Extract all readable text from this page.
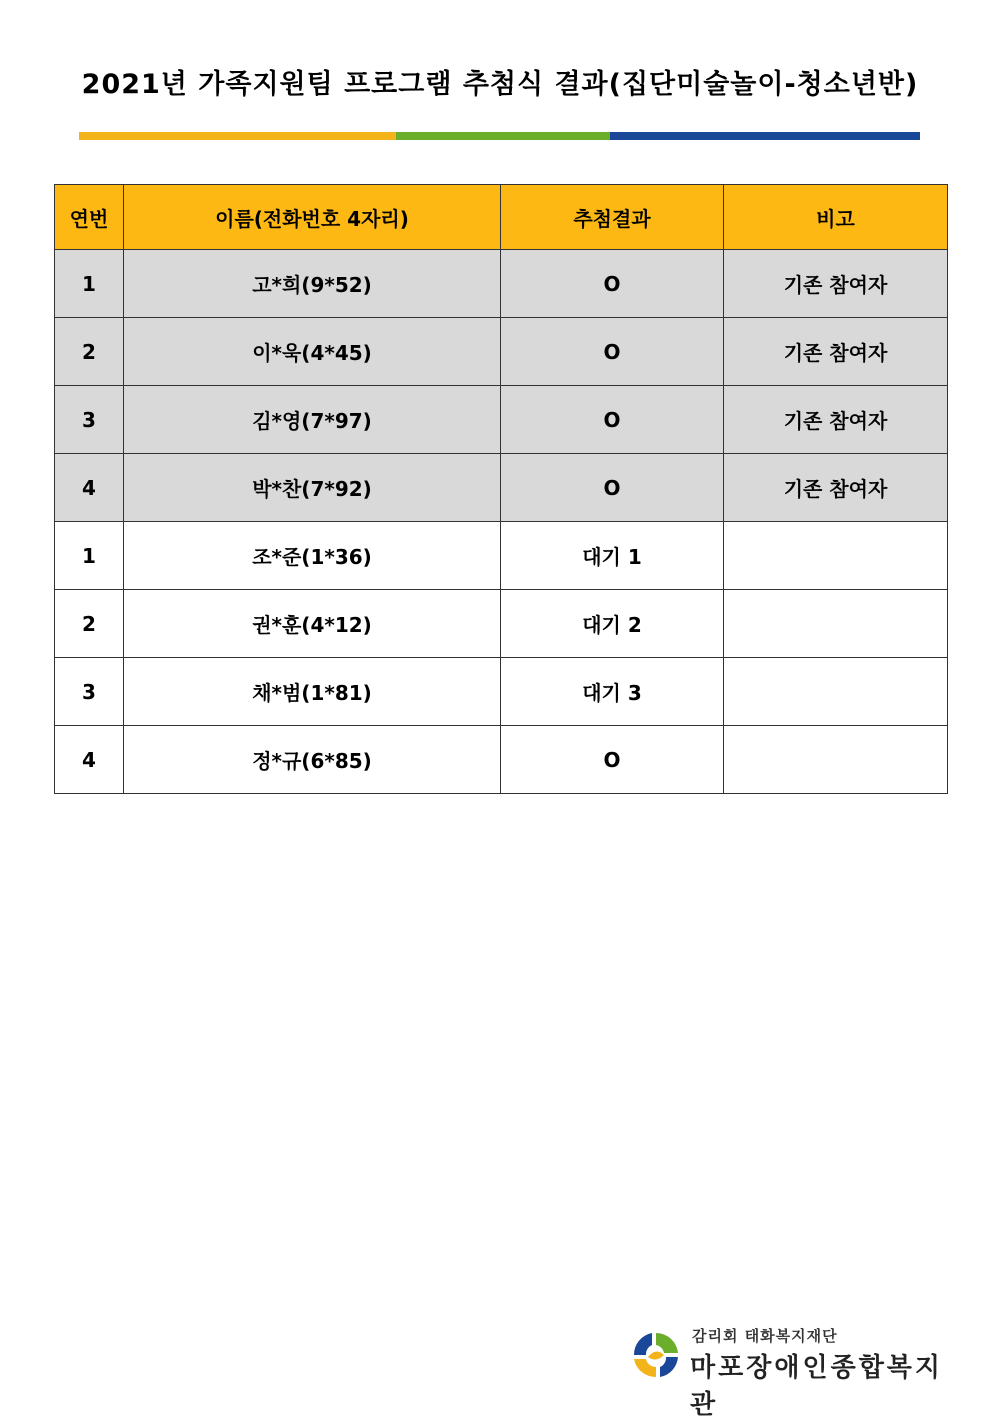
2021년 가족지원팀 프로그램 추첨식 결과(집단미술놀이-청소년반)
연번	이름(전화번호 4자리)	추첨결과	비고
1	고*희(9*52)	O	기존 참여자
2	이*욱(4*45)	O	기존 참여자
3	김*영(7*97)	O	기존 참여자
4	박*찬(7*92)	O	기존 참여자
1	조*준(1*36)	대기 1	
2	권*훈(4*12)	대기 2	
3	채*범(1*81)	대기 3	
4	정*규(6*85)	O	
감리회 태화복지재단
마포장애인종합복지관
